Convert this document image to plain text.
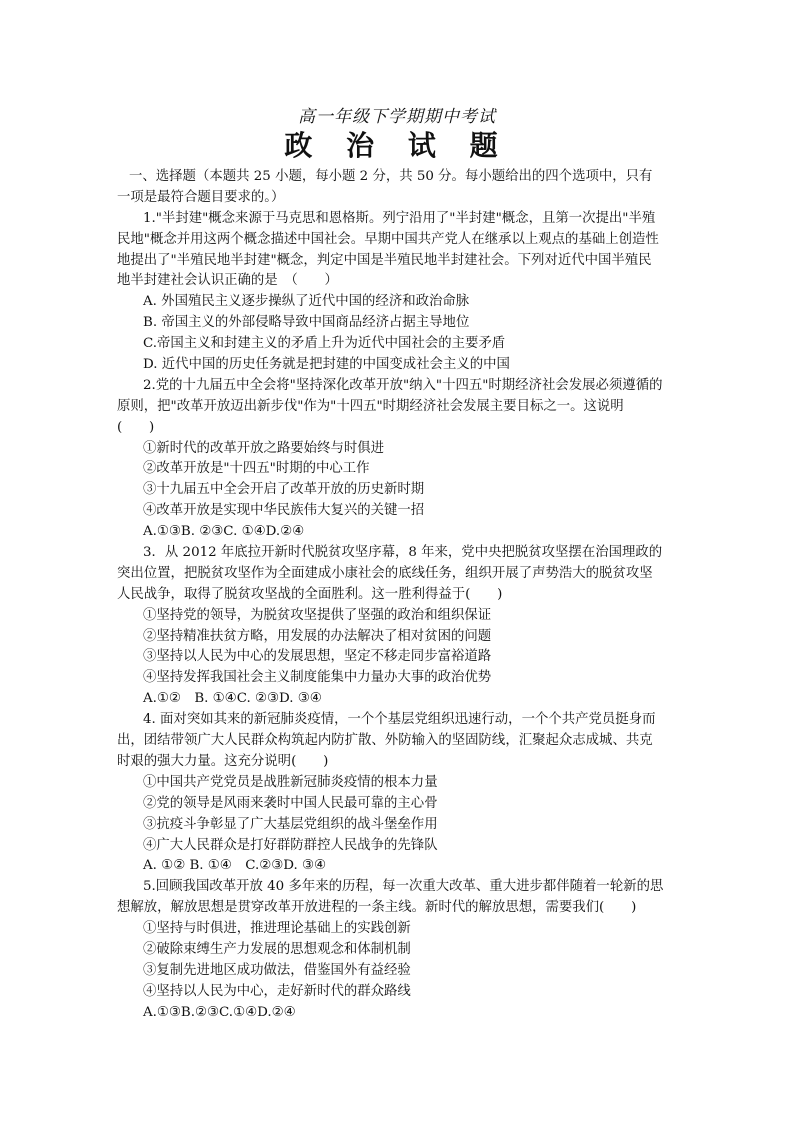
高一年级下学期期中考试
政 治 试 题
一、选择题（本题共 25 小题，每小题 2 分，共 50 分。每小题给出的四个选项中，只有
一项是最符合题目要求的。）
1."半封建"概念来源于马克思和恩格斯。列宁沿用了"半封建"概念，且第一次提出"半殖
民地"概念并用这两个概念描述中国社会。早期中国共产党人在继承以上观点的基础上创造性
地提出了"半殖民地半封建"概念，判定中国是半殖民地半封建社会。下列对近代中国半殖民
地半封建社会认识正确的是　（　　）
A. 外国殖民主义逐步操纵了近代中国的经济和政治命脉
B. 帝国主义的外部侵略导致中国商品经济占据主导地位
C.帝国主义和封建主义的矛盾上升为近代中国社会的主要矛盾
D. 近代中国的历史任务就是把封建的中国变成社会主义的中国
2.党的十九届五中全会将"坚持深化改革开放"纳入"十四五"时期经济社会发展必须遵循的
原则，把"改革开放迈出新步伐"作为"十四五"时期经济社会发展主要目标之一。这说明
(　　)
①新时代的改革开放之路要始终与时俱进
②改革开放是"十四五"时期的中心工作
③十九届五中全会开启了改革开放的历史新时期
④改革开放是实现中华民族伟大复兴的关键一招
A.①③B. ②③C. ①④D.②④
3．从 2012 年底拉开新时代脱贫攻坚序幕，8 年来，党中央把脱贫攻坚摆在治国理政的
突出位置，把脱贫攻坚作为全面建成小康社会的底线任务，组织开展了声势浩大的脱贫攻坚
人民战争，取得了脱贫攻坚战的全面胜利。这一胜利得益于(　　)
①坚持党的领导，为脱贫攻坚提供了坚强的政治和组织保证
②坚持精准扶贫方略，用发展的办法解决了相对贫困的问题
③坚持以人民为中心的发展思想，坚定不移走同步富裕道路
④坚持发挥我国社会主义制度能集中力量办大事的政治优势
A.①②　B. ①④C. ②③D. ③④
4. 面对突如其来的新冠肺炎疫情，一个个基层党组织迅速行动，一个个共产党员挺身而
出，团结带领广大人民群众构筑起内防扩散、外防输入的坚固防线，汇聚起众志成城、共克
时艰的强大力量。这充分说明(　　)
①中国共产党党员是战胜新冠肺炎疫情的根本力量
②党的领导是风雨来袭时中国人民最可靠的主心骨
③抗疫斗争彰显了广大基层党组织的战斗堡垒作用
④广大人民群众是打好群防群控人民战争的先锋队
A. ①② B. ①④　C.②③D. ③④
5.回顾我国改革开放 40 多年来的历程，每一次重大改革、重大进步都伴随着一轮新的思
想解放，解放思想是贯穿改革开放进程的一条主线。新时代的解放思想，需要我们(　　)
①坚持与时俱进，推进理论基础上的实践创新
②破除束缚生产力发展的思想观念和体制机制
③复制先进地区成功做法，借鉴国外有益经验
④坚持以人民为中心，走好新时代的群众路线
A.①③B.②③C.①④D.②④
